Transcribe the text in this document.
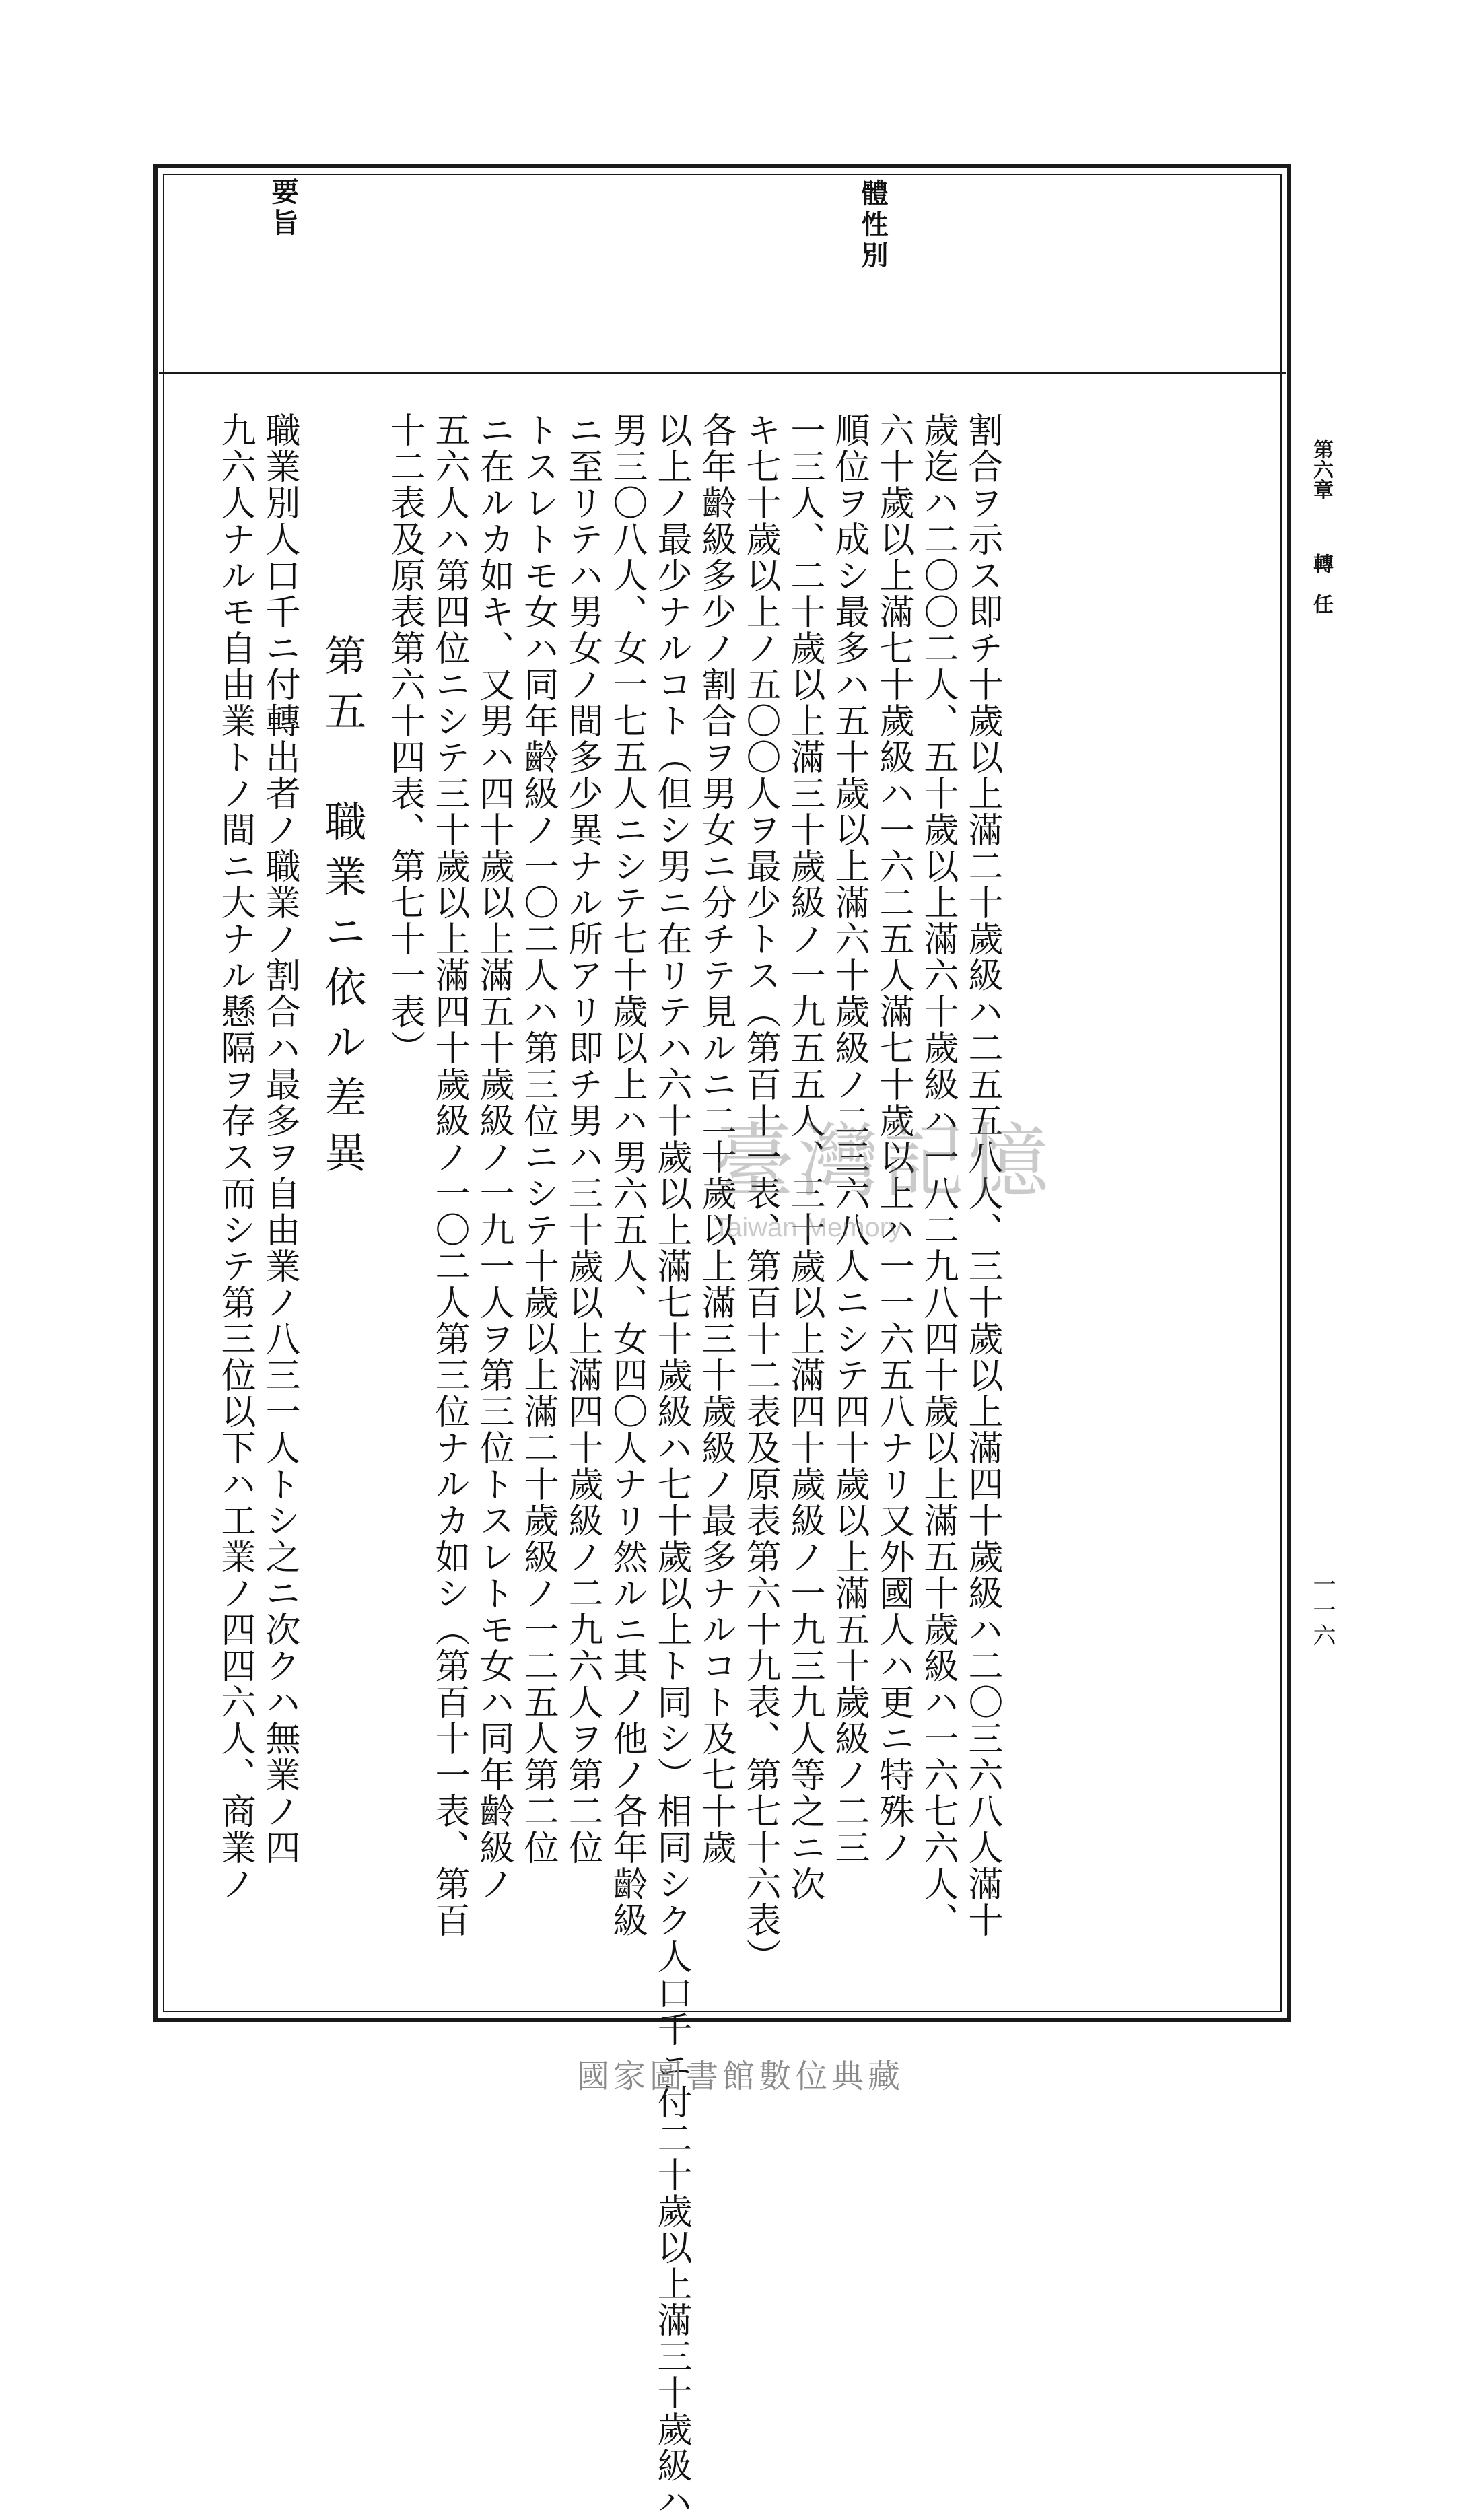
體性別
要旨
第六章轉　任
一一六
割合ヲ示ス即チ十歲以上滿二十歲級ハ二五五八人、三十歲以上滿四十歲級ハ二〇三六八人滿十
歲迄ハ二〇〇二人、五十歲以上滿六十歲級ハ一八二九八四十歲以上滿五十歲級ハ一六七六人、
六十歲以上滿七十歲級ハ一六二五人滿七十歲以上ハ一一六五八ナリ又外國人ハ更ニ特殊ノ
順位ヲ成シ最多ハ五十歲以上滿六十歲級ノ二三六八人ニシテ四十歲以上滿五十歲級ノ二三
一三人、二十歲以上滿三十歲級ノ一九五五人、三十歲以上滿四十歲級ノ一九三九人等之ニ次
キ七十歲以上ノ五〇〇人ヲ最少トス（第百十一表、第百十二表及原表第六十九表、第七十六表）
各年齡級多少ノ割合ヲ男女ニ分チテ見ルニ二十歲以上滿三十歲級ノ最多ナルコト及七十歲
以上ノ最少ナルコト（但シ男ニ在リテハ六十歲以上滿七十歲級ハ七十歲以上ト同シ）相同シク人口千ニ付二十歲以上滿三十歲級ハ
男三〇八人、女一七五人ニシテ七十歲以上ハ男六五人、女四〇人ナリ然ルニ其ノ他ノ各年齡級
ニ至リテハ男女ノ間多少異ナル所アリ即チ男ハ三十歲以上滿四十歲級ノ二九六人ヲ第二位
トスレトモ女ハ同年齡級ノ一〇二人ハ第三位ニシテ十歲以上滿二十歲級ノ一二五人第二位
ニ在ルカ如キ、又男ハ四十歲以上滿五十歲級ノ一九一人ヲ第三位トスレトモ女ハ同年齡級ノ
五六人ハ第四位ニシテ三十歲以上滿四十歲級ノ一〇二人第三位ナルカ如シ（第百十一表、第百
十二表及原表第六十四表、第七十一表）
第五　職業ニ依ル差異
職業別人口千ニ付轉出者ノ職業ノ割合ハ最多ヲ自由業ノ八三一人トシ之ニ次クハ無業ノ四
九六人ナルモ自由業トノ間ニ大ナル懸隔ヲ存ス而シテ第三位以下ハ工業ノ四四六人、商業ノ	臺灣記憶
Taiwan Memory
國家圖書館數位典藏
